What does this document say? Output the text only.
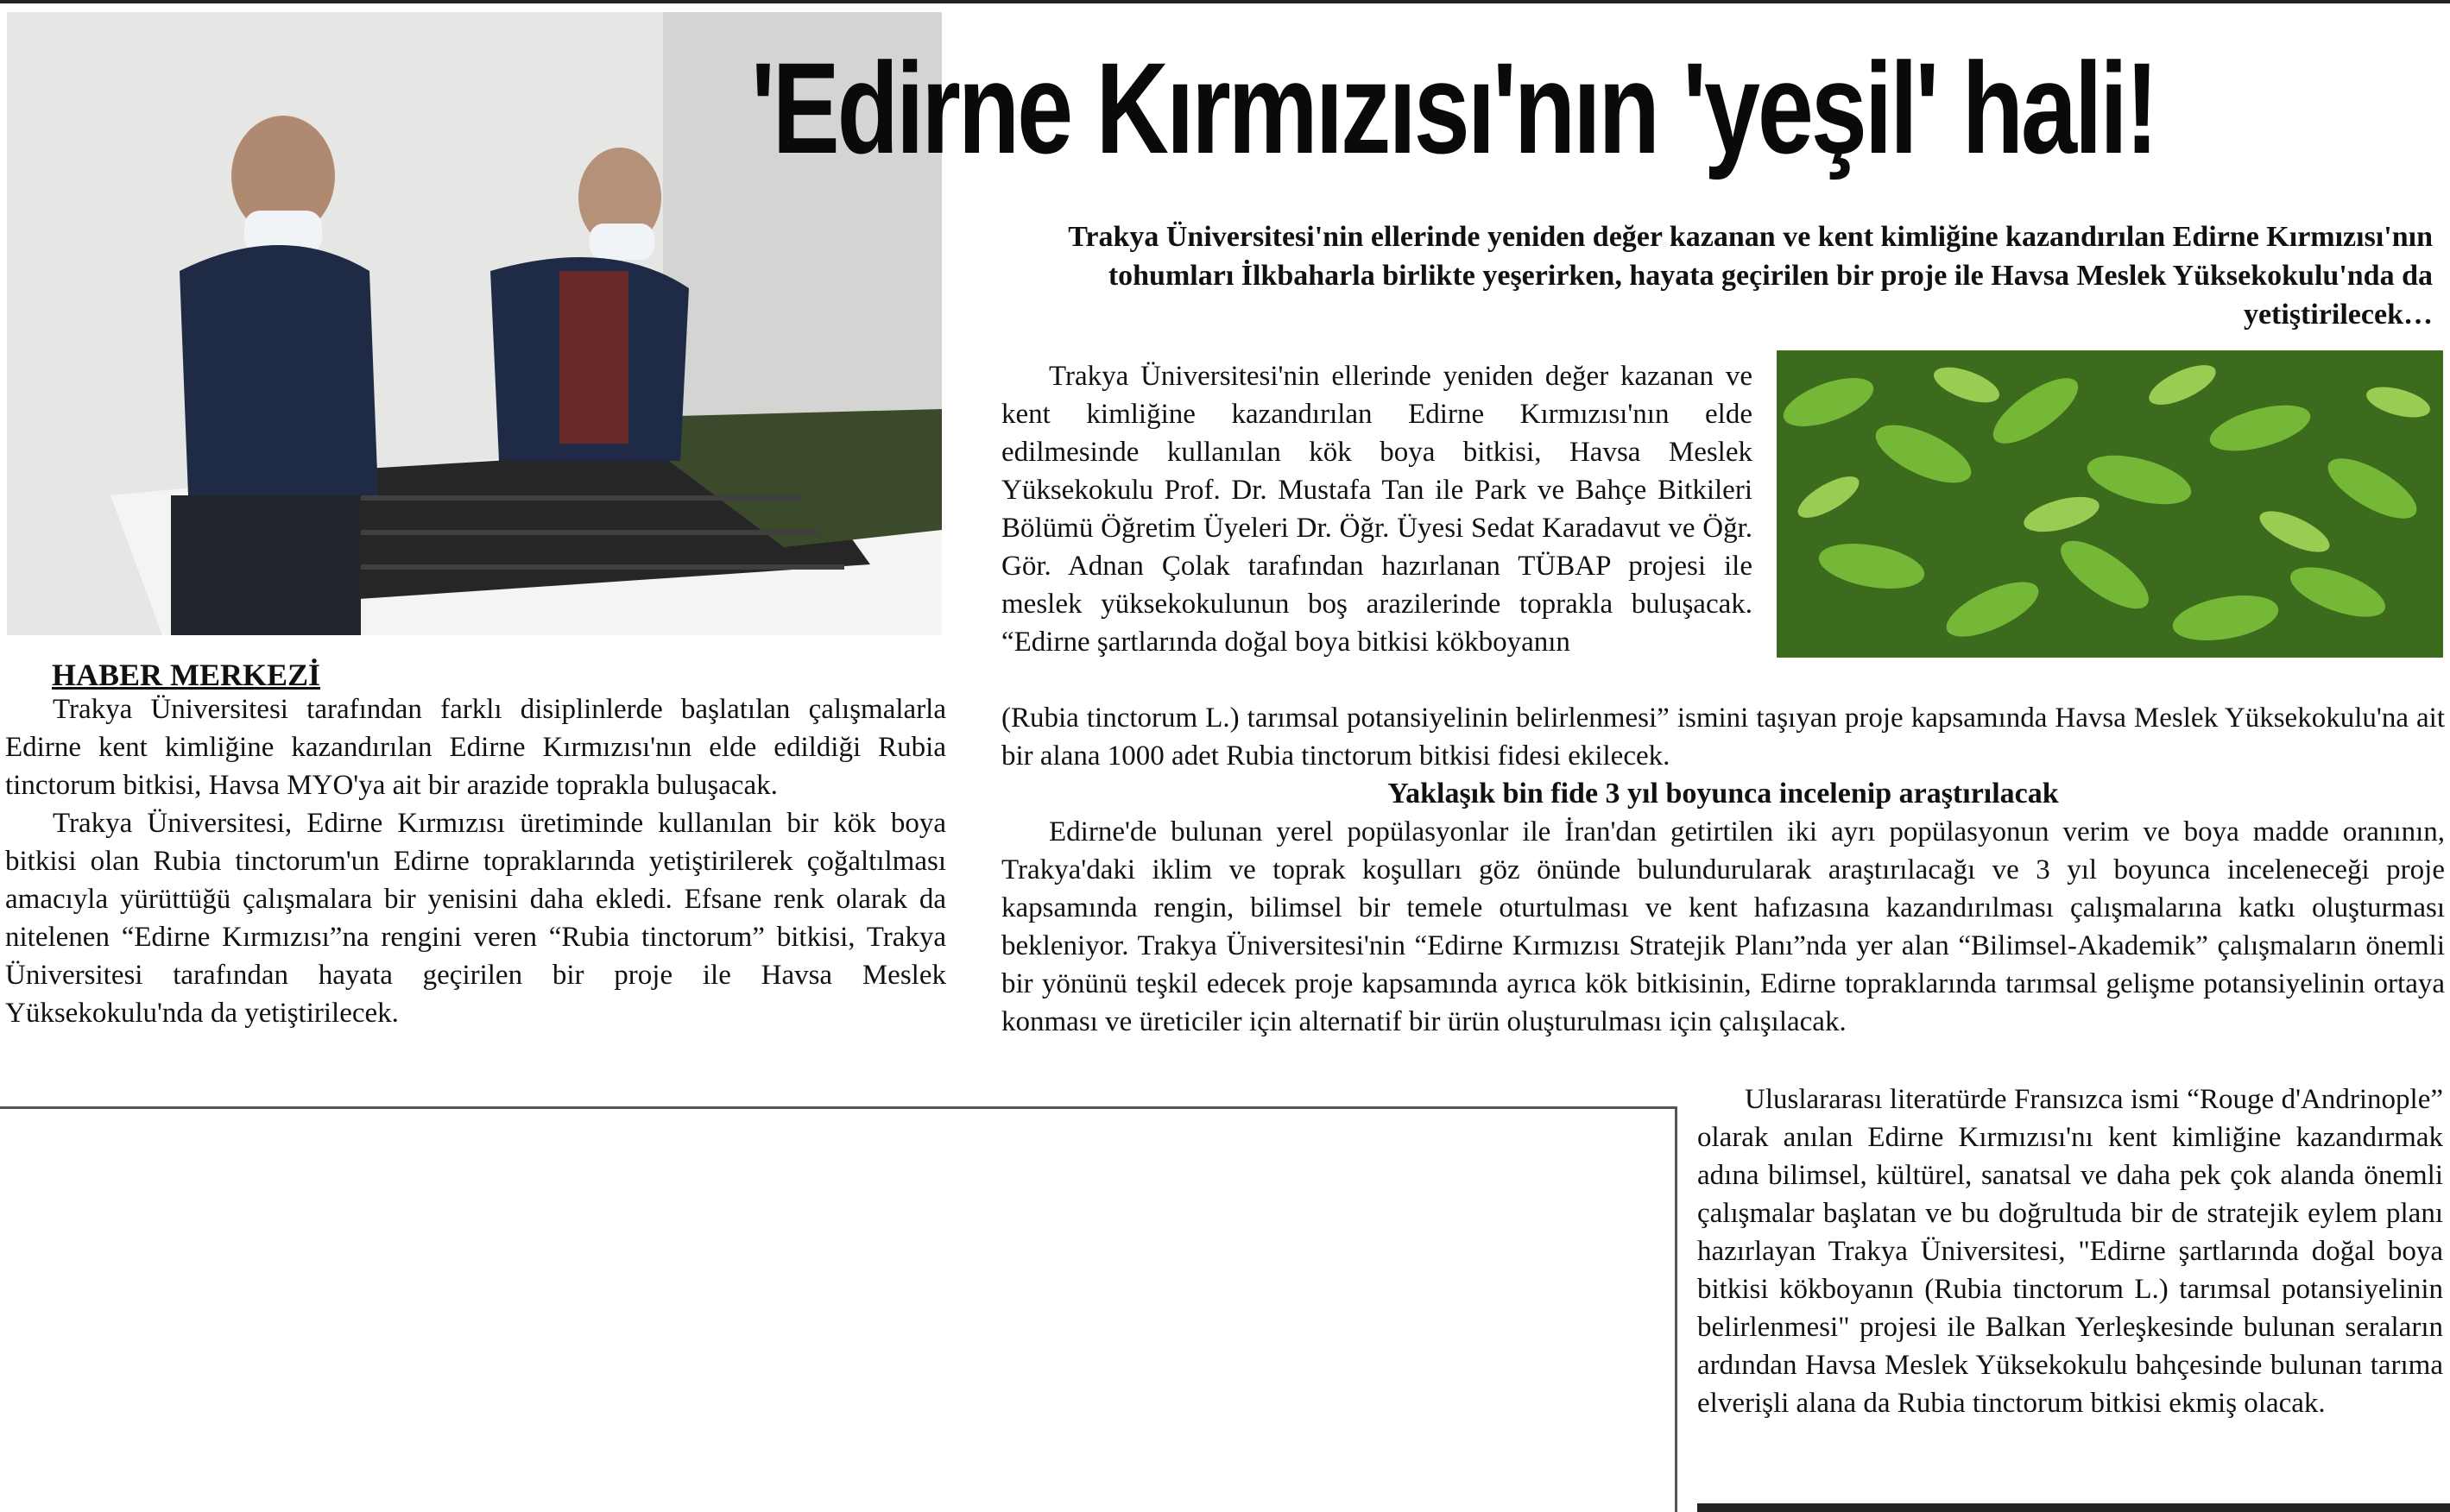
'Edirne Kırmızısı'nın 'yeşil' hali!
Trakya Üniversitesi'nin ellerinde yeniden değer kazanan ve kent kimliğine kazandırılan Edirne Kırmızısı'nın tohumları İlkbaharla birlikte yeşerirken, hayata geçirilen bir proje ile Havsa Meslek Yüksekokulu'nda da yetiştirilecek…
HABER MERKEZİ

Trakya Üniversitesi tarafından farklı disiplinlerde başlatılan çalışmalarla Edirne kent kimliğine kazandırılan Edirne Kırmızısı'nın elde edildiği Rubia tinctorum bitkisi, Havsa MYO'ya ait bir arazide toprakla buluşacak.

Trakya Üniversitesi, Edirne Kırmızısı üretiminde kullanılan bir kök boya bitkisi olan Rubia tinctorum'un Edirne topraklarında yetiştirilerek çoğaltılması amacıyla yürüttüğü çalışmalara bir yenisini daha ekledi. Efsane renk olarak da nitelenen “Edirne Kırmızısı”na rengini veren “Rubia tinctorum” bitkisi, Trakya Üniversitesi tarafından hayata geçirilen bir proje ile Havsa Meslek Yüksekokulu'nda da yetiştirilecek.

Trakya Üniversitesi'nin ellerinde yeniden değer kazanan ve kent kimliğine kazandırılan Edirne Kırmızısı'nın elde edilmesinde kullanılan kök boya bitkisi, Havsa Meslek Yüksekokulu Prof. Dr. Mustafa Tan ile Park ve Bahçe Bitkileri Bölümü Öğretim Üyeleri Dr. Öğr. Üyesi Sedat Karadavut ve Öğr. Gör. Adnan Çolak tarafından hazırlanan TÜBAP projesi ile meslek yüksekokulunun boş arazilerinde toprakla buluşacak. “Edirne şartlarında doğal boya bitkisi kökboyanın

(Rubia tinctorum L.) tarımsal potansiyelinin belirlenmesi” ismini taşıyan proje kapsamında Havsa Meslek Yüksekokulu'na ait bir alana 1000 adet Rubia tinctorum bitkisi fidesi ekilecek.

Yaklaşık bin fide 3 yıl boyunca incelenip araştırılacak

Edirne'de bulunan yerel popülasyonlar ile İran'dan getirtilen iki ayrı popülasyonun verim ve boya madde oranının, Trakya'daki iklim ve toprak koşulları göz önünde bulundurularak araştırılacağı ve 3 yıl boyunca inceleneceği proje kapsamında rengin, bilimsel bir temele oturtulması ve kent hafızasına kazandırılması çalışmalarına katkı oluşturması bekleniyor. Trakya Üniversitesi'nin “Edirne Kırmızısı Stratejik Planı”nda yer alan “Bilimsel-Akademik” çalışmaların önemli bir yönünü teşkil edecek proje kapsamında ayrıca kök bitkisinin, Edirne topraklarında tarımsal gelişme potansiyelinin ortaya konması ve üreticiler için alternatif bir ürün oluşturulması için çalışılacak.

Uluslararası literatürde Fransızca ismi “Rouge d'Andrinople” olarak anılan Edirne Kırmızısı'nı kent kimliğine kazandırmak adına bilimsel, kültürel, sanatsal ve daha pek çok alanda önemli çalışmalar başlatan ve bu doğrultuda bir de stratejik eylem planı hazırlayan Trakya Üniversitesi, "Edirne şartlarında doğal boya bitkisi kökboyanın (Rubia tinctorum L.) tarımsal potansiyelinin belirlenmesi" projesi ile Balkan Yerleşkesinde bulunan seraların ardından Havsa Meslek Yüksekokulu bahçesinde bulunan tarıma elverişli alana da Rubia tinctorum bitkisi ekmiş olacak.
